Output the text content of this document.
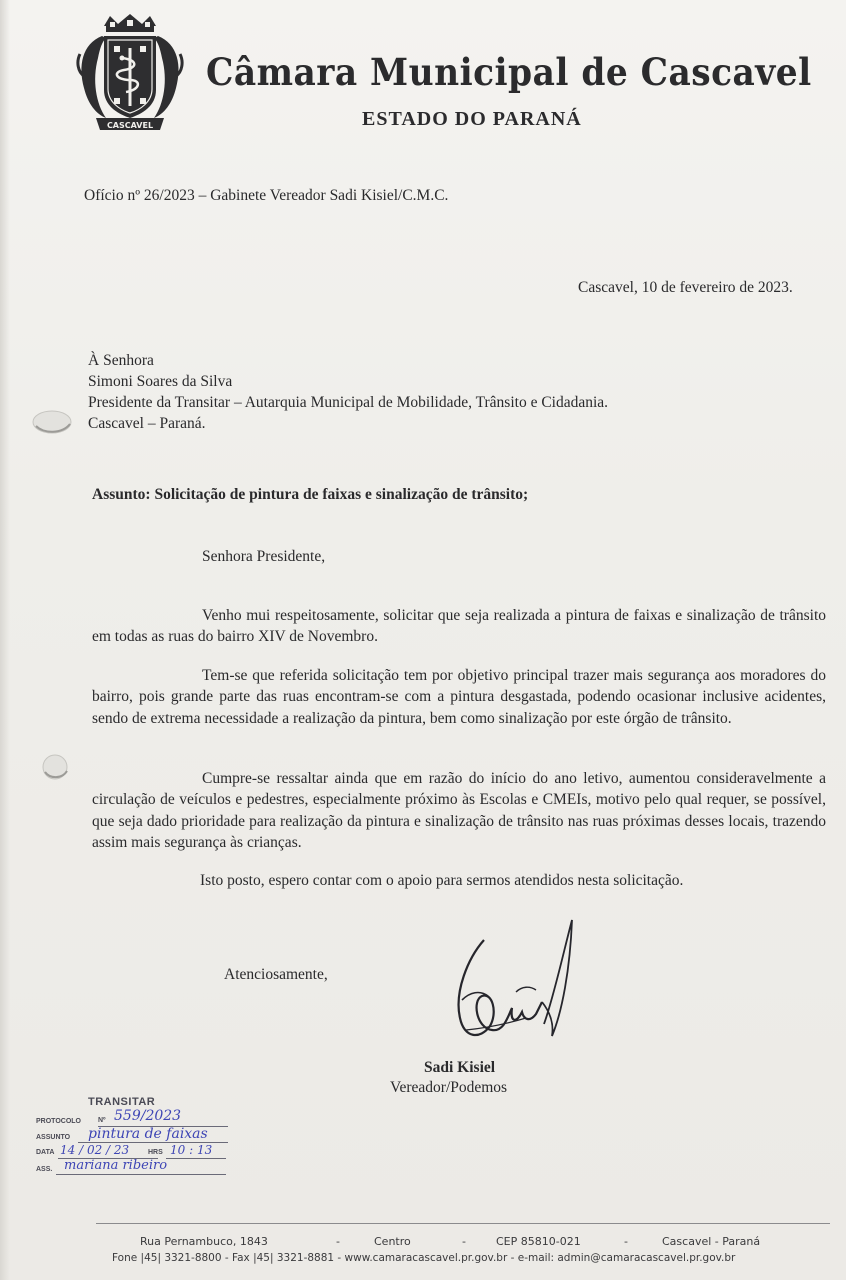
CASCAVEL
Câmara Municipal de Cascavel
ESTADO DO PARANÁ
Ofício nº 26/2023 – Gabinete Vereador Sadi Kisiel/C.M.C.
Cascavel, 10 de fevereiro de 2023.
À Senhora
Simoni Soares da Silva
Presidente da Transitar – Autarquia Municipal de Mobilidade, Trânsito e Cidadania.
Cascavel – Paraná.
Assunto: Solicitação de pintura de faixas e sinalização de trânsito;
Senhora Presidente,
Venho mui respeitosamente, solicitar que seja realizada a pintura de faixas e sinalização de trânsito em todas as ruas do bairro XIV de Novembro.
Tem-se que referida solicitação tem por objetivo principal trazer mais segurança aos moradores do bairro, pois grande parte das ruas encontram-se com a pintura desgastada, podendo ocasionar inclusive acidentes, sendo de extrema necessidade a realização da pintura, bem como sinalização por este órgão de trânsito.
Cumpre-se ressaltar ainda que em razão do início do ano letivo, aumentou consideravelmente a circulação de veículos e pedestres, especialmente próximo às Escolas e CMEIs, motivo pelo qual requer, se possível, que seja dado prioridade para realização da pintura e sinalização de trânsito nas ruas próximas desses locais, trazendo assim mais segurança às crianças.
Isto posto, espero contar com o apoio para sermos atendidos nesta solicitação.
Atenciosamente,
Sadi Kisiel
Vereador/Podemos
TRANSITAR
PROTOCOLO Nº 559/2023
ASSUNTO pintura de faixas
DATA 14 / 02 / 23	HRS 10 : 13
ASS. mariana ribeiro
Rua Pernambuco, 1843	-	Centro	-	CEP 85810-021	-	Cascavel - Paraná
Fone |45| 3321-8800 - Fax |45| 3321-8881 - www.camaracascavel.pr.gov.br - e-mail: admin@camaracascavel.pr.gov.br
